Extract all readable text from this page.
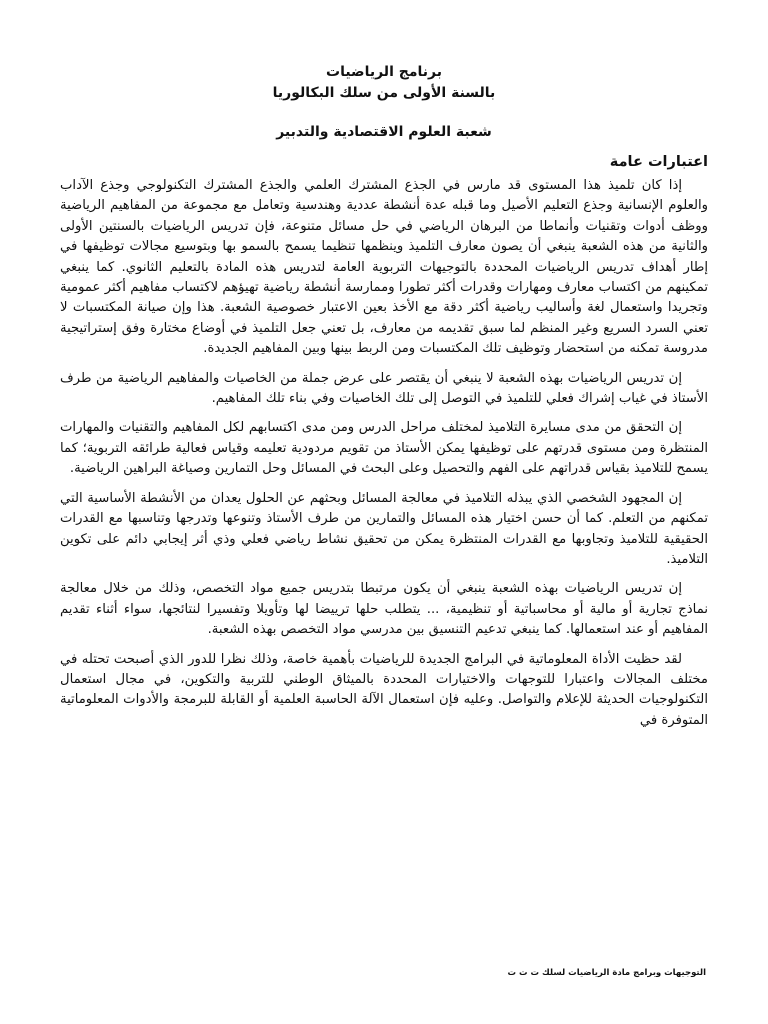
برنامج الرياضيات
بالسنة الأولى من سلك البكالوريا
شعبة العلوم الاقتصادية والتدبير
اعتبارات عامة

إذا كان تلميذ هذا المستوى قد مارس في الجذع المشترك العلمي والجذع المشترك التكنولوجي وجذع الآداب والعلوم الإنسانية وجذع التعليم الأصيل وما قبله عدة أنشطة عددية وهندسية وتعامل مع مجموعة من المفاهيم الرياضية ووظف أدوات وتقنيات وأنماطا من البرهان الرياضي في حل مسائل متنوعة، فإن تدريس الرياضيات بالسنتين الأولى والثانية من هذه الشعبة ينبغي أن يصون معارف التلميذ وينظمها تنظيما يسمح بالسمو بها وبتوسيع مجالات توظيفها في إطار أهداف تدريس الرياضيات المحددة بالتوجيهات التربوية العامة لتدريس هذه المادة بالتعليم الثانوي. كما ينبغي تمكينهم من اكتساب معارف ومهارات وقدرات أكثر تطورا وممارسة أنشطة رياضية تهيؤهم لاكتساب مفاهيم أكثر عمومية وتجريدا واستعمال لغة وأساليب رياضية أكثر دقة مع الأخذ بعين الاعتبار خصوصية الشعبة. هذا وإن صيانة المكتسبات لا تعني السرد السريع وغير المنظم لما سبق تقديمه من معارف، بل تعني جعل التلميذ في أوضاع مختارة وفق إستراتيجية مدروسة تمكنه من استحضار وتوظيف تلك المكتسبات ومن الربط بينها وبين المفاهيم الجديدة.

إن تدريس الرياضيات بهذه الشعبة لا ينبغي أن يقتصر على عرض جملة من الخاصيات والمفاهيم الرياضية من طرف الأستاذ في غياب إشراك فعلي للتلميذ في التوصل إلى تلك الخاصيات وفي بناء تلك المفاهيم.

إن التحقق من مدى مسايرة التلاميذ لمختلف مراحل الدرس ومن مدى اكتسابهم لكل المفاهيم والتقنيات والمهارات المنتظرة ومن مستوى قدرتهم على توظيفها يمكن الأستاذ من تقويم مردودية تعليمه وقياس فعالية طرائقه التربوية؛ كما يسمح للتلاميذ بقياس قدراتهم على الفهم والتحصيل وعلى البحث في المسائل وحل التمارين وصياغة البراهين الرياضية.

إن المجهود الشخصي الذي يبذله التلاميذ في معالجة المسائل وبحثهم عن الحلول يعدان من الأنشطة الأساسية التي تمكنهم من التعلم. كما أن حسن اختيار هذه المسائل والتمارين من طرف الأستاذ وتنوعها وتدرجها وتناسبها مع القدرات الحقيقية للتلاميذ وتجاوبها مع القدرات المنتظرة يمكن من تحقيق نشاط رياضي فعلي وذي أثر إيجابي دائم على تكوين التلاميذ.

إن تدريس الرياضيات بهذه الشعبة ينبغي أن يكون مرتبطا بتدريس جميع مواد التخصص، وذلك من خلال معالجة نماذج تجارية أو مالية أو محاسباتية أو تنظيمية، ... يتطلب حلها ترييضا لها وتأويلا وتفسيرا لنتائجها، سواء أثناء تقديم المفاهيم أو عند استعمالها. كما ينبغي تدعيم التنسيق بين مدرسي مواد التخصص بهذه الشعبة.

لقد حظيت الأداة المعلوماتية في البرامج الجديدة للرياضيات بأهمية خاصة، وذلك نظرا للدور الذي أصبحت تحتله في مختلف المجالات واعتبارا للتوجهات والاختيارات المحددة بالميثاق الوطني للتربية والتكوين، في مجال استعمال التكنولوجيات الحديثة للإعلام والتواصل. وعليه فإن استعمال الآلة الحاسبة العلمية أو القابلة للبرمجة والأدوات المعلوماتية المتوفرة في

التوجيهات وبرامج مادة الرياضيات لسلك ت ت ت
